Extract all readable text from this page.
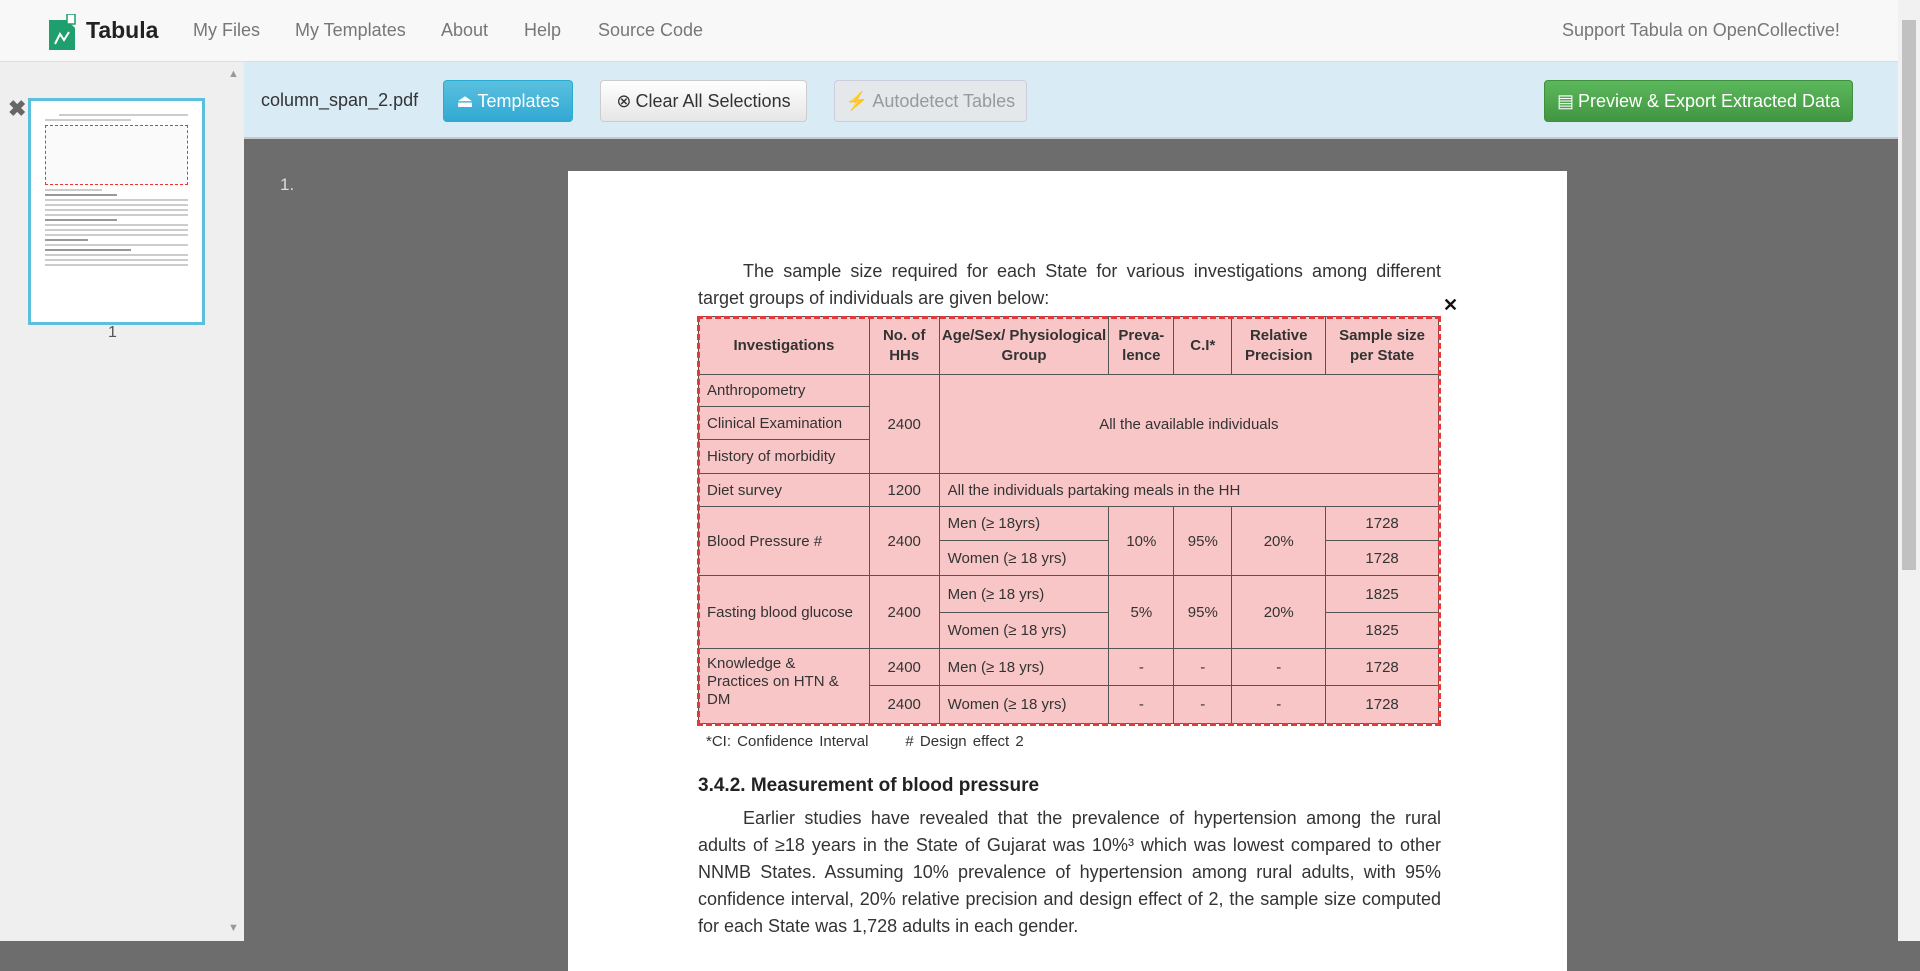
Tabula My Files My Templates About Help Source Code	Support Tabula on OpenCollective!
▲
▼
✖
1
column_span_2.pdf ⏏ Templates	⊗ Clear All Selections	⚡ Autodetect Tables	▤ Preview & Export Extracted Data
1.

The sample size required for each State for various investigations among different target groups of individuals are given below:	✕
Investigations	No. of HHs	Age/Sex/ Physiological Group	Preva- lence	C.I*	Relative Precision	Sample size per State
Anthropometry	2400	All the available individuals				
Clinical Examination						
History of morbidity						
Diet survey	1200	All the individuals partaking meals in the HH				
Blood Pressure #	2400	Men (≥ 18yrs)	10%	95%	20%	1728
		Women (≥ 18 yrs)				1728
Fasting blood glucose	2400	Men (≥ 18 yrs)	5%	95%	20%	1825
		Women (≥ 18 yrs)				1825
Knowledge & Practices on HTN & DM	2400	Men (≥ 18 yrs)	-	-	-	1728
	2400	Women (≥ 18 yrs)	-	-	-	1728
*CI: Confidence Interval      # Design effect 2
3.4.2. Measurement of blood pressure

Earlier studies have revealed that the prevalence of hypertension among the rural adults of ≥18 years in the State of Gujarat was 10%³ which was lowest compared to other NNMB States. Assuming 10% prevalence of hypertension among rural adults, with 95% confidence interval, 20% relative precision and design effect of 2, the sample size computed for each State was 1,728 adults in each gender.
